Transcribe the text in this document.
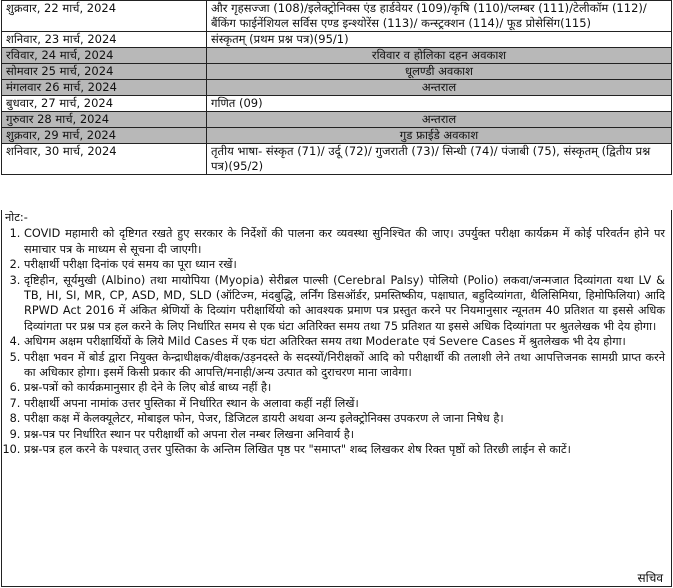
शुक्रवार, 22 मार्च, 2024	और गृहसज्जा (108)/इलेक्ट्रोनिक्स एंड हार्डवेयर (109)/कृषि (110)/प्लम्बर (111)/टेलीकॉम (112)/बैंकिंग फाईनेंशियल सर्विस एण्ड इन्श्योरेंस (113)/ कन्स्ट्रक्शन (114)/ फूड प्रोसेसिंग(115)
शनिवार, 23 मार्च, 2024	संस्कृतम् (प्रथम प्रश्न पत्र)(95/1)
रविवार, 24 मार्च, 2024	रविवार व होलिका दहन अवकाश
सोमवार 25 मार्च, 2024	धूलण्डी अवकाश
मंगलवार 26 मार्च, 2024	अन्तराल
बुधवार, 27 मार्च, 2024	गणित (09)
गुरुवार 28 मार्च, 2024	अन्तराल
शुक्रवार, 29 मार्च, 2024	गुड फ्राईडे अवकाश
शनिवार, 30 मार्च, 2024	तृतीय भाषा- संस्कृत (71)/ उर्दू (72)/ गुजराती (73)/ सिन्धी (74)/ पंजाबी (75), संस्कृतम् (द्वितीय प्रश्न पत्र)(95/2)
नोट:-
1. COVID महामारी को दृष्टिगत रखते हुए सरकार के निर्देशों की पालना कर व्यवस्था सुनिश्चित की जाए। उपर्युक्त परीक्षा कार्यक्रम में कोई परिवर्तन होने पर समाचार पत्र के माध्यम से सूचना दी जाएगी।
2. परीक्षार्थी परीक्षा दिनांक एवं समय का पूरा ध्यान रखें।
3. दृष्टिहीन, सूर्यमुखी (Albino) तथा मायोपिया (Myopia) सेरीब्रल पाल्सी (Cerebral Palsy) पोलियो (Polio) लकवा/जन्मजात दिव्यांगता यथा LV & TB, HI, SI, MR, CP, ASD, MD, SLD (ऑटिज्म, मंदबुद्धि, लर्निंग डिसऑर्डर, प्रमस्तिष्कीय, पक्षाघात, बहुदिव्यांगता, थैलिसिमिया, हिमोफिलिया) आदि RPWD Act 2016 में अंकित श्रेणियों के दिव्यांग परीक्षार्थियो को आवश्यक प्रमाण पत्र प्रस्तुत करने पर नियमानुसार न्यूनतम 40 प्रतिशत या इससे अधिक दिव्यांगता पर प्रश्न पत्र हल करने के लिए निर्धारित समय से एक घंटा अतिरिक्त समय तथा 75 प्रतिशत या इससे अधिक दिव्यांगता पर श्रुतलेखक भी देय होगा।
4. अधिगम अक्षम परीक्षार्थियों के लिये Mild Cases में एक घंटा अतिरिक्त समय तथा Moderate एवं Severe Cases में श्रुतलेखक भी देय होगा।
5. परीक्षा भवन में बोर्ड द्वारा नियुक्त केन्द्राधीक्षक/वीक्षक/उड़नदस्ते के सदस्यों/निरीक्षकों आदि को परीक्षार्थी की तलाशी लेने तथा आपत्तिजनक सामग्री प्राप्त करने का अधिकार होगा। इसमें किसी प्रकार की आपत्ति/मनाही/अन्य उत्पात को दुराचरण माना जावेगा।
6. प्रश्न-पत्रों को कार्यक्रमानुसार ही देने के लिए बोर्ड बाध्य नहीं है।
7. परीक्षार्थी अपना नामांक उत्तर पुस्तिका में निर्धारित स्थान के अलावा कहीं नहीं लिखें।
8. परीक्षा कक्ष में केलक्यूलेटर, मोबाइल फोन, पेजर, डिजिटल डायरी अथवा अन्य इलेक्ट्रोनिक्स उपकरण ले जाना निषेध है।
9. प्रश्न-पत्र पर निर्धारित स्थान पर परीक्षार्थी को अपना रोल नम्बर लिखना अनिवार्य है।
10. प्रश्न-पत्र हल करने के पश्चात् उत्तर पुस्तिका के अन्तिम लिखित पृष्ठ पर "समाप्त" शब्द लिखकर शेष रिक्त पृष्ठों को तिरछी लाईन से काटें।
सचिव
